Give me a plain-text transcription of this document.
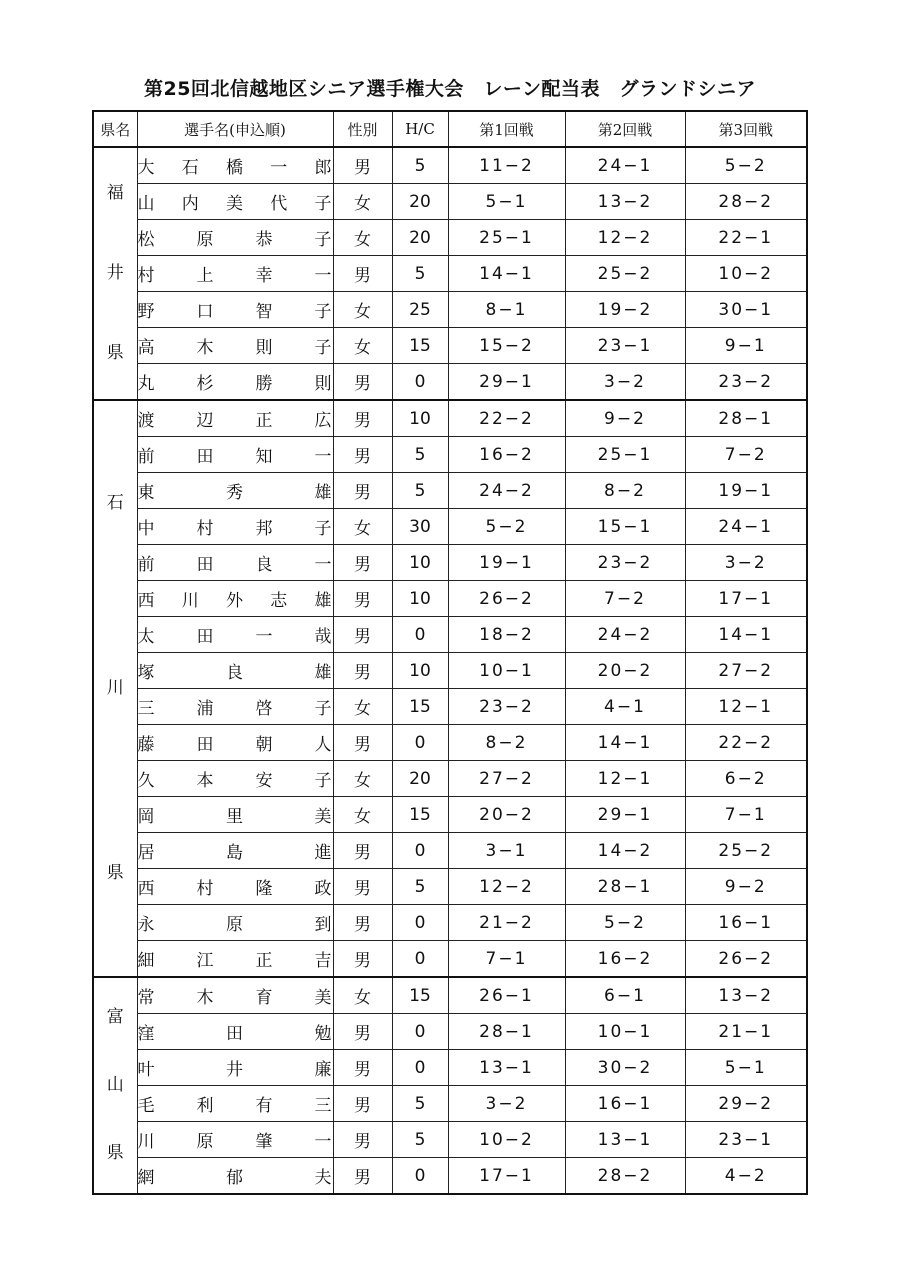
第25回北信越地区シニア選手権大会　レーン配当表　グランドシニア
県名	選手名(申込順)	性別	H/C	第1回戦	第2回戦	第3回戦

福
井
県	大石橋一郎	男	5	11−2	24−1	5−2
	山内美代子	女	20	5−1	13−2	28−2
	松原恭子	女	20	25−1	12−2	22−1
	村上幸一	男	5	14−1	25−2	10−2
	野口智子	女	25	8−1	19−2	30−1
	高木則子	女	15	15−2	23−1	9−1
	丸杉勝則	男	0	29−1	3−2	23−2

石
川
県	渡辺正広	男	10	22−2	9−2	28−1
	前田知一	男	5	16−2	25−1	7−2
	東秀雄	男	5	24−2	8−2	19−1
	中村邦子	女	30	5−2	15−1	24−1
	前田良一	男	10	19−1	23−2	3−2
	西川外志雄	男	10	26−2	7−2	17−1
	太田一哉	男	0	18−2	24−2	14−1
	塚良雄	男	10	10−1	20−2	27−2
	三浦啓子	女	15	23−2	4−1	12−1
	藤田朝人	男	0	8−2	14−1	22−2
	久本安子	女	20	27−2	12−1	6−2
	岡里美	女	15	20−2	29−1	7−1
	居島進	男	0	3−1	14−2	25−2
	西村隆政	男	5	12−2	28−1	9−2
	永原到	男	0	21−2	5−2	16−1
	細江正吉	男	0	7−1	16−2	26−2

富
山
県	常木育美	女	15	26−1	6−1	13−2
	窪田勉	男	0	28−1	10−1	21−1
	叶井廉	男	0	13−1	30−2	5−1
	毛利有三	男	5	3−2	16−1	29−2
	川原肇一	男	5	10−2	13−1	23−1
	網郁夫	男	0	17−1	28−2	4−2
